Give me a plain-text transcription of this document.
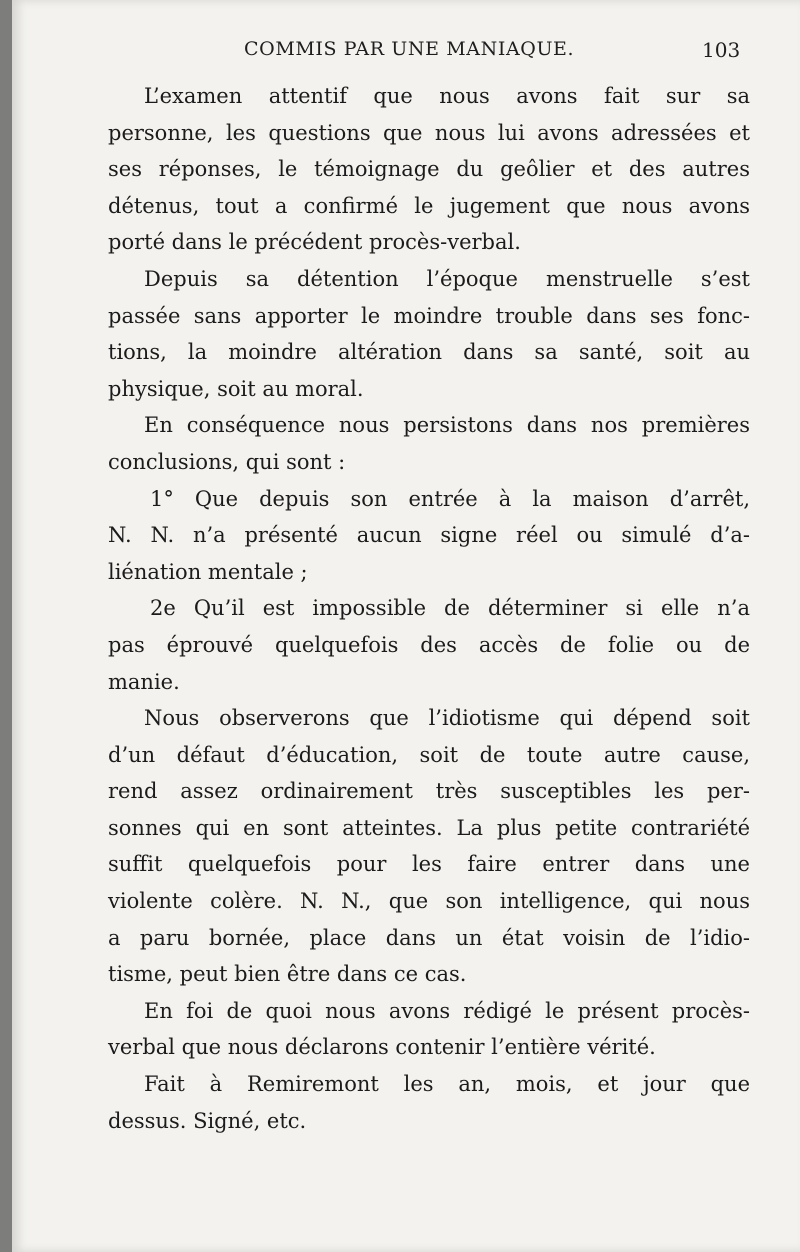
COMMIS PAR UNE MANIAQUE.	103
L’examen attentif que nous avons fait sur sa
personne, les questions que nous lui avons adressées et
ses réponses, le témoignage du geôlier et des autres
détenus, tout a confirmé le jugement que nous avons
porté dans le précédent procès-verbal.
Depuis sa détention l’époque menstruelle s’est
passée sans apporter le moindre trouble dans ses fonc-
tions, la moindre altération dans sa santé, soit au
physique, soit au moral.
En conséquence nous persistons dans nos premières
conclusions, qui sont :
1° Que depuis son entrée à la maison d’arrêt,
N. N. n’a présenté aucun signe réel ou simulé d’a-
liénation mentale ;
2e Qu’il est impossible de déterminer si elle n’a
pas éprouvé quelquefois des accès de folie ou de
manie.
Nous observerons que l’idiotisme qui dépend soit
d’un défaut d’éducation, soit de toute autre cause,
rend assez ordinairement très susceptibles les per-
sonnes qui en sont atteintes. La plus petite contrariété
suffit quelquefois pour les faire entrer dans une
violente colère. N. N., que son intelligence, qui nous
a paru bornée, place dans un état voisin de l’idio-
tisme, peut bien être dans ce cas.
En foi de quoi nous avons rédigé le présent procès-
verbal que nous déclarons contenir l’entière vérité.
Fait à Remiremont les an, mois, et jour que
dessus. Signé, etc.
